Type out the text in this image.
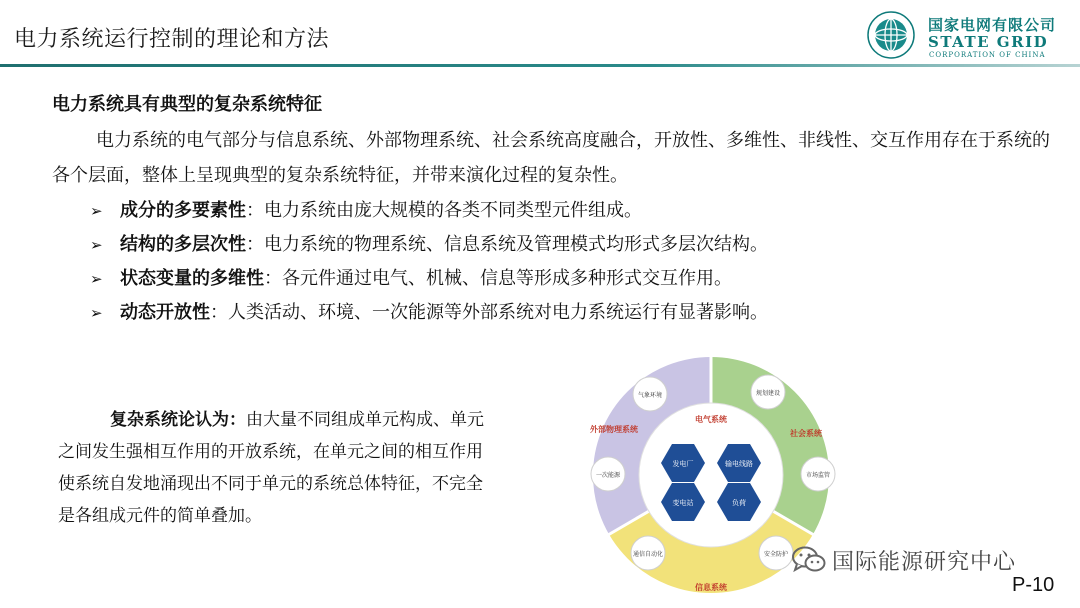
电力系统运行控制的理论和方法
国家电网有限公司
STATE GRID
CORPORATION OF CHINA
电力系统具有典型的复杂系统特征
电力系统的电气部分与信息系统、外部物理系统、社会系统高度融合，开放性、多维性、非线性、交互作用存在于系统的各个层面，整体上呈现典型的复杂系统特征，并带来演化过程的复杂性。
➢ 成分的多要素性：电力系统由庞大规模的各类不同类型元件组成。
➢ 结构的多层次性：电力系统的物理系统、信息系统及管理模式均形式多层次结构。
➢ 状态变量的多维性：各元件通过电气、机械、信息等形成多种形式交互作用。
➢ 动态开放性：人类活动、环境、一次能源等外部系统对电力系统运行有显著影响。
复杂系统论认为：由大量不同组成单元构成、单元之间发生强相互作用的开放系统，在单元之间的相互作用使系统自发地涌现出不同于单元的系统总体特征，不完全是各组成元件的简单叠加。
外部物理系统	社会系统
信息系统
电气系统
气象环境
一次能源
规划建设
市场监管
通信自动化	安全防护
发电厂	输电线路
变电站	负荷
国际能源研究中心
P-10
